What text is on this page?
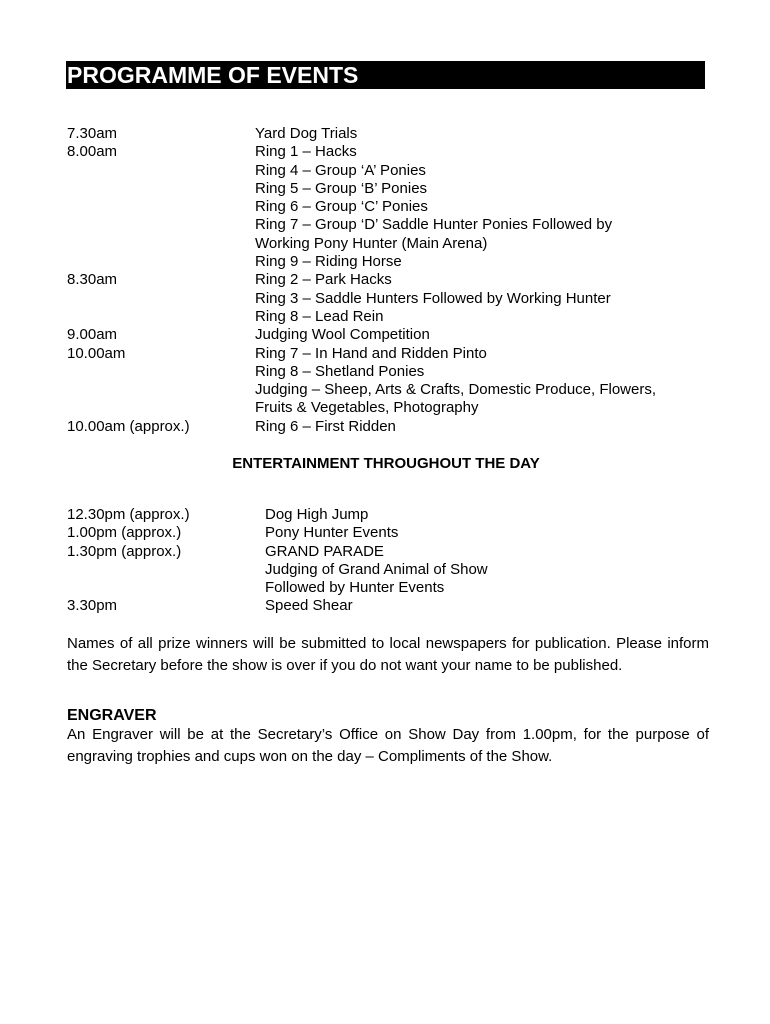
PROGRAMME OF EVENTS
7.30am	Yard Dog Trials
8.00am	Ring 1 – Hacks
Ring 4 – Group ‘A’ Ponies
Ring 5 – Group ‘B’ Ponies
Ring 6 – Group ‘C’ Ponies
Ring 7 – Group ‘D’ Saddle Hunter Ponies Followed by
Working Pony Hunter (Main Arena)
Ring 9 – Riding Horse
8.30am	Ring 2 – Park Hacks
Ring 3 – Saddle Hunters Followed by Working Hunter
Ring 8 – Lead Rein
9.00am	Judging Wool Competition
10.00am	Ring 7 – In Hand and Ridden Pinto
Ring 8 – Shetland Ponies
Judging – Sheep, Arts & Crafts, Domestic Produce, Flowers,
Fruits & Vegetables, Photography
10.00am (approx.)	Ring 6 – First Ridden
ENTERTAINMENT THROUGHOUT THE DAY
12.30pm (approx.)	Dog High Jump
1.00pm (approx.)	Pony Hunter Events
1.30pm (approx.)	GRAND PARADE
Judging of Grand Animal of Show
Followed by Hunter Events
3.30pm	Speed Shear
Names of all prize winners will be submitted to local newspapers for publication. Please inform the Secretary before the show is over if you do not want your name to be published.
ENGRAVER
An Engraver will be at the Secretary’s Office on Show Day from 1.00pm, for the purpose of engraving trophies and cups won on the day – Compliments of the Show.
